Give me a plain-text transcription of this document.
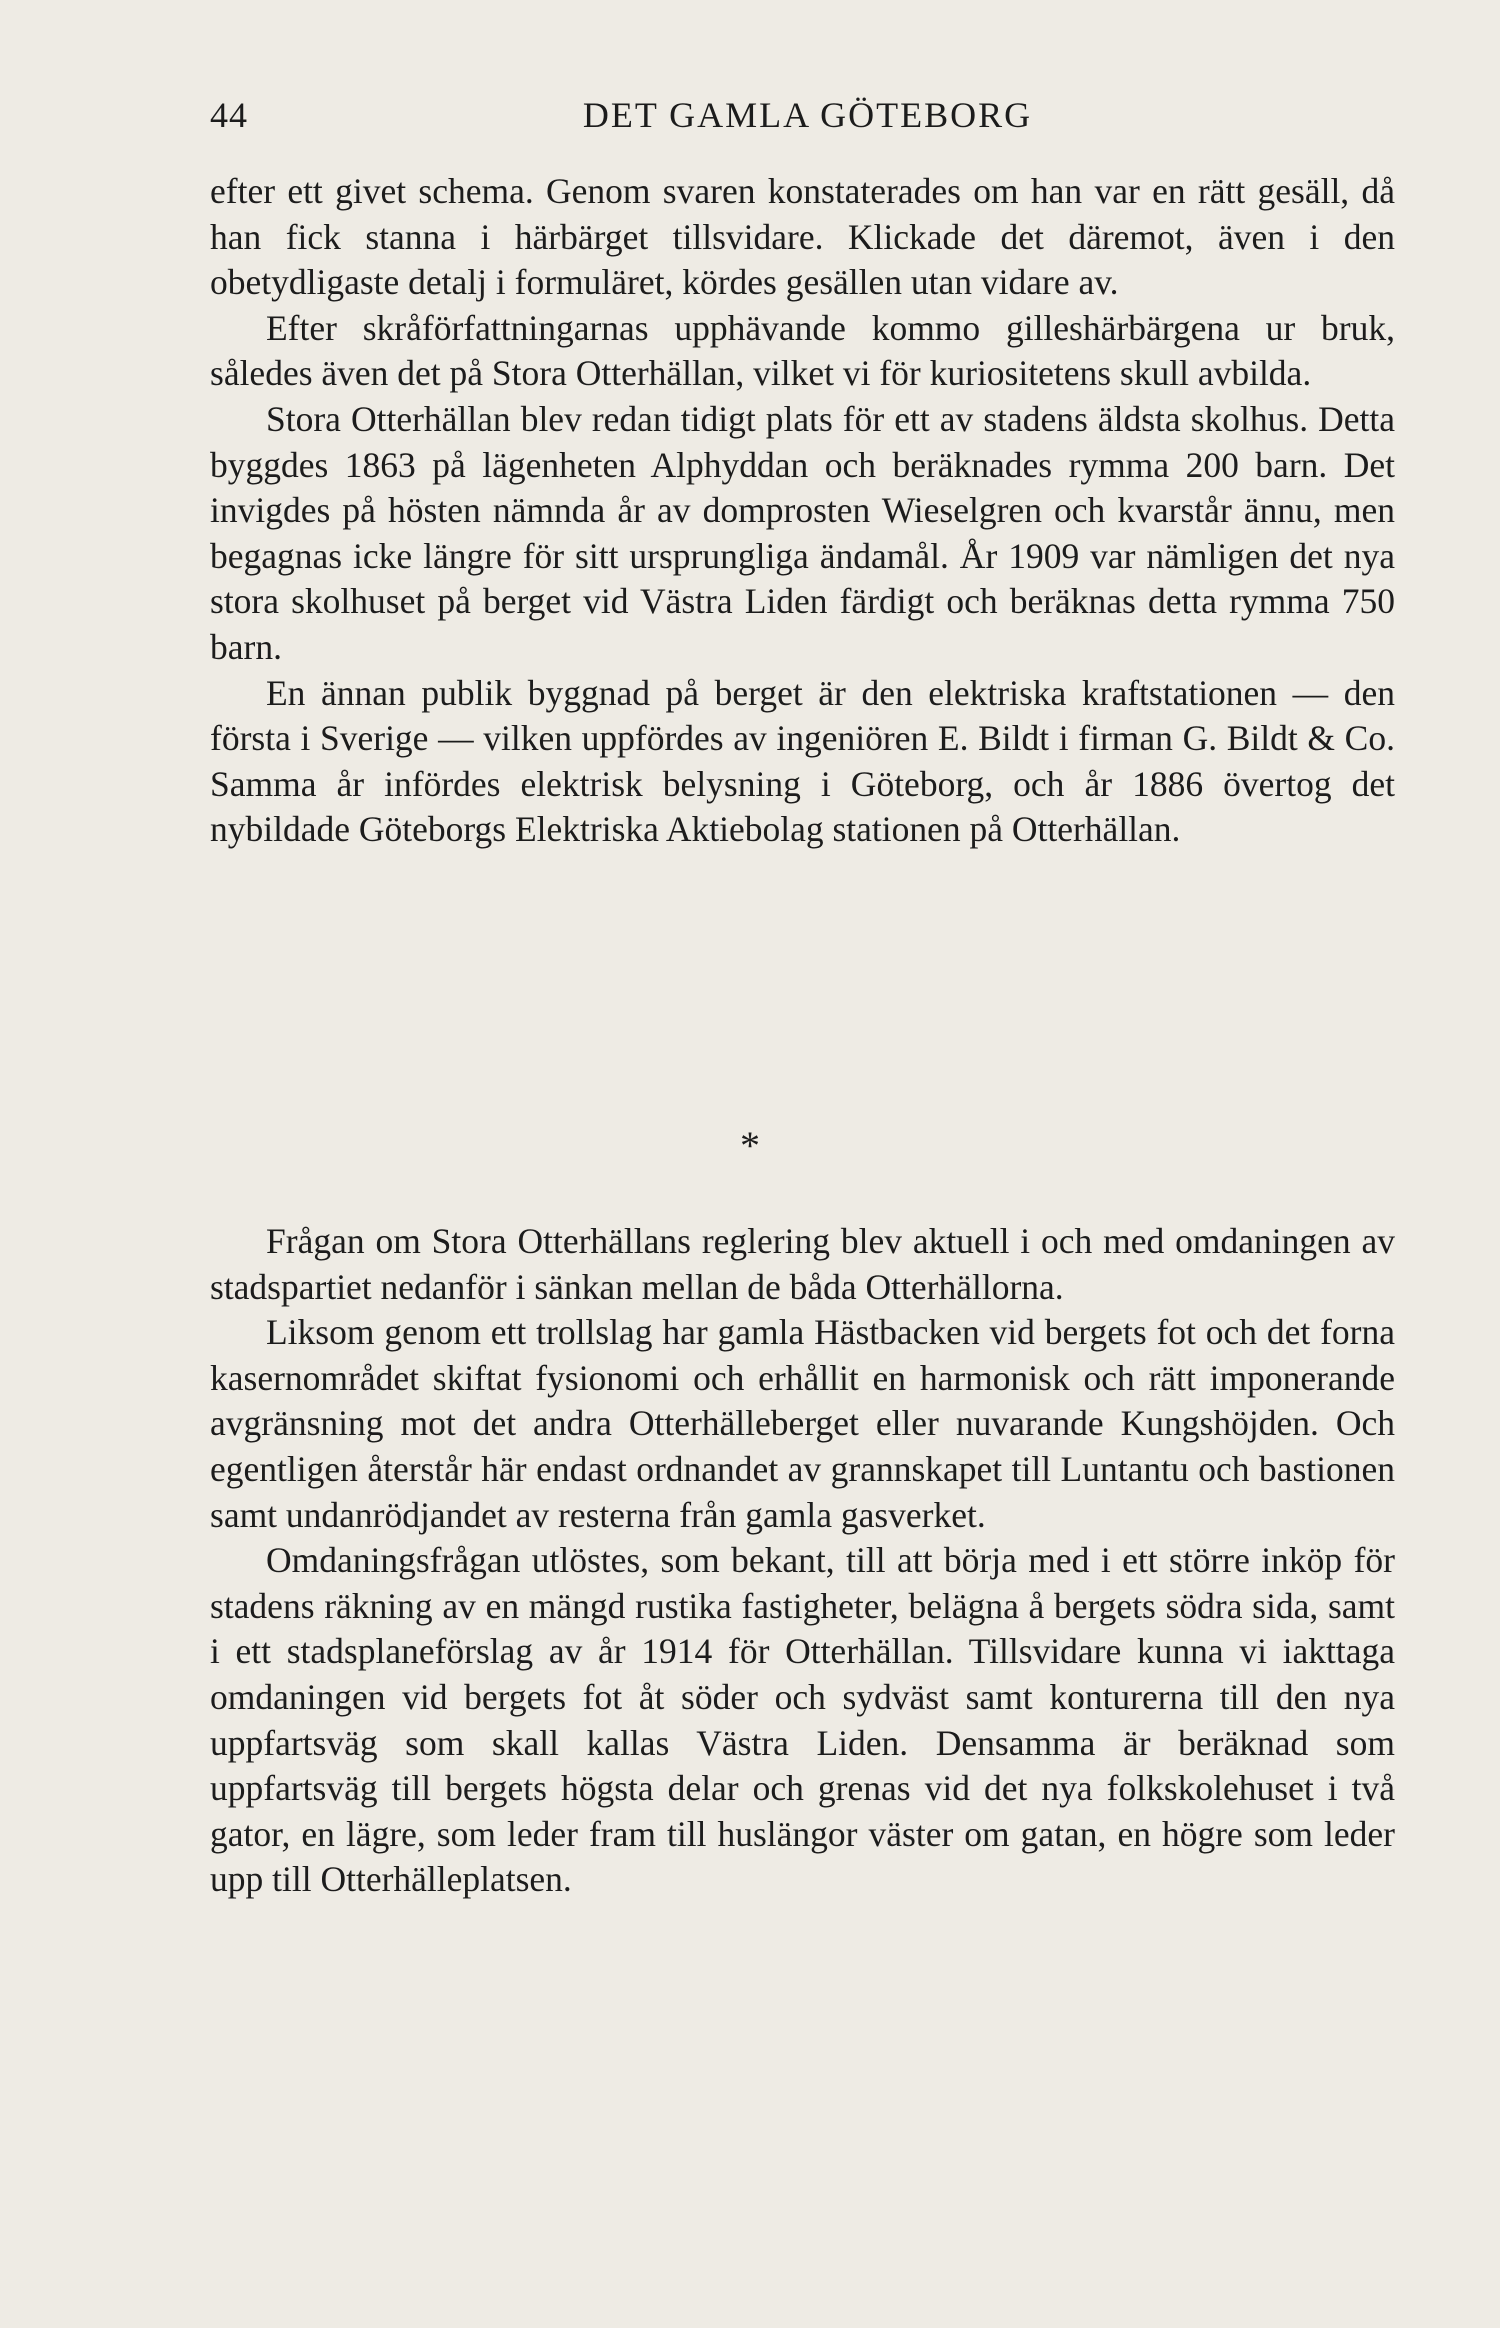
44	DET GAMLA GÖTEBORG

efter ett givet schema. Genom svaren konstaterades om han var en rätt gesäll, då han fick stanna i härbärget tillsvidare. Klickade det däremot, även i den obetydligaste detalj i formuläret, kördes gesällen utan vidare av.

Efter skråförfattningarnas upphävande kommo gilleshärbärgena ur bruk, således även det på Stora Otterhällan, vilket vi för kuriositetens skull avbilda.

Stora Otterhällan blev redan tidigt plats för ett av stadens äldsta skolhus. Detta byggdes 1863 på lägenheten Alphyddan och beräknades rymma 200 barn. Det invigdes på hösten nämnda år av domprosten Wieselgren och kvarstår ännu, men begagnas icke längre för sitt ursprungliga ändamål. År 1909 var nämligen det nya stora skolhuset på berget vid Västra Liden färdigt och beräknas detta rymma 750 barn.

En ännan publik byggnad på berget är den elektriska kraftstationen — den första i Sverige — vilken uppfördes av ingeniören E. Bildt i firman G. Bildt & Co. Samma år infördes elektrisk belysning i Göteborg, och år 1886 övertog det nybildade Göteborgs Elektriska Aktiebolag stationen på Otterhällan.

*

Frågan om Stora Otterhällans reglering blev aktuell i och med omdaningen av stadspartiet nedanför i sänkan mellan de båda Otterhällorna.

Liksom genom ett trollslag har gamla Hästbacken vid bergets fot och det forna kasernområdet skiftat fysionomi och erhållit en harmonisk och rätt imponerande avgränsning mot det andra Otterhälleberget eller nuvarande Kungshöjden. Och egentligen återstår här endast ordnandet av grannskapet till Luntantu och bastionen samt undanrödjandet av resterna från gamla gasverket.

Omdaningsfrågan utlöstes, som bekant, till att börja med i ett större inköp för stadens räkning av en mängd rustika fastigheter, belägna å bergets södra sida, samt i ett stadsplaneförslag av år 1914 för Otterhällan. Tillsvidare kunna vi iakttaga omdaningen vid bergets fot åt söder och sydväst samt konturerna till den nya uppfartsväg som skall kallas Västra Liden. Densamma är beräknad som uppfartsväg till bergets högsta delar och grenas vid det nya folkskolehuset i två gator, en lägre, som leder fram till huslängor väster om gatan, en högre som leder upp till Otterhälleplatsen.
